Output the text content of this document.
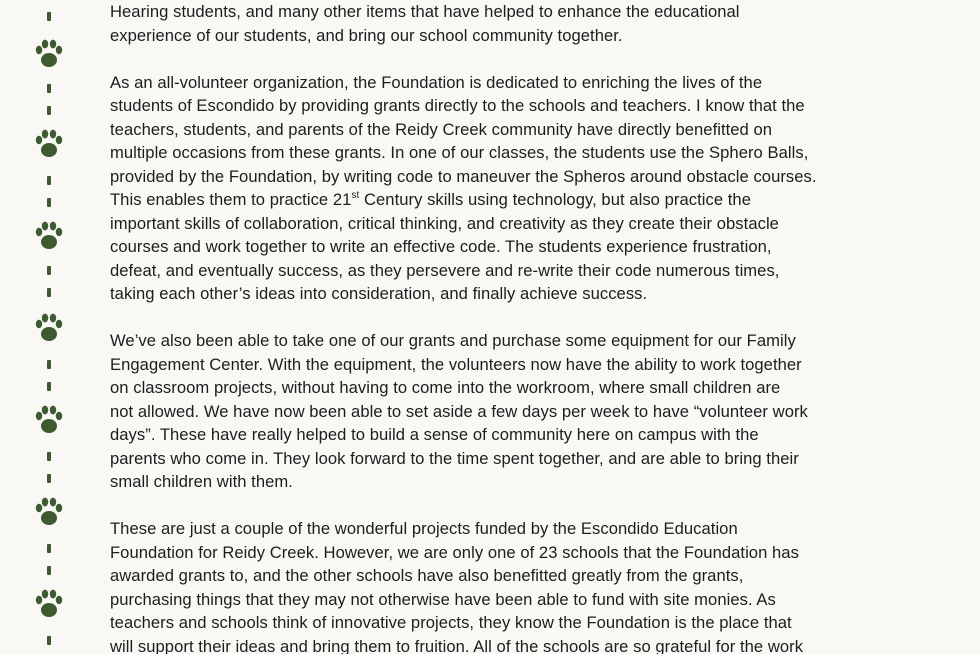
Hearing students, and many other items that have helped to enhance the educational
experience of our students, and bring our school community together.
As an all-volunteer organization, the Foundation is dedicated to enriching the lives of the
students of Escondido by providing grants directly to the schools and teachers. I know that the
teachers, students, and parents of the Reidy Creek community have directly benefitted on
multiple occasions from these grants. In one of our classes, the students use the Sphero Balls,
provided by the Foundation, by writing code to maneuver the Spheros around obstacle courses.
This enables them to practice 21st Century skills using technology, but also practice the
important skills of collaboration, critical thinking, and creativity as they create their obstacle
courses and work together to write an effective code. The students experience frustration,
defeat, and eventually success, as they persevere and re-write their code numerous times,
taking each other’s ideas into consideration, and finally achieve success.
We’ve also been able to take one of our grants and purchase some equipment for our Family
Engagement Center. With the equipment, the volunteers now have the ability to work together
on classroom projects, without having to come into the workroom, where small children are
not allowed. We have now been able to set aside a few days per week to have “volunteer work
days”. These have really helped to build a sense of community here on campus with the
parents who come in. They look forward to the time spent together, and are able to bring their
small children with them.
These are just a couple of the wonderful projects funded by the Escondido Education
Foundation for Reidy Creek. However, we are only one of 23 schools that the Foundation has
awarded grants to, and the other schools have also benefitted greatly from the grants,
purchasing things that they may not otherwise have been able to fund with site monies. As
teachers and schools think of innovative projects, they know the Foundation is the place that
will support their ideas and bring them to fruition. All of the schools are so grateful for the work
